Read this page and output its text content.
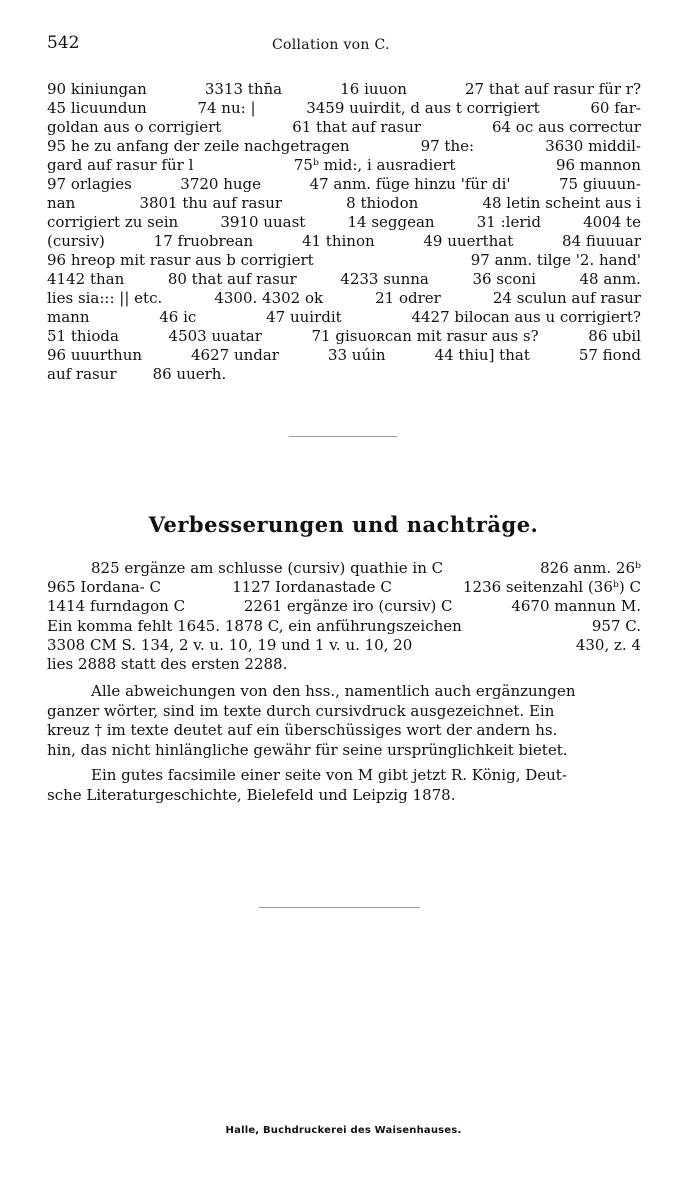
542	Collation von C.
90 kiniungan	3313 thn̄a	16 iuuon	27 that auf rasur für r?
45 licuundun	74 nu: |	3459 uuirdit, d aus t corrigiert	60 far-
goldan aus o corrigiert	61 that auf rasur	64 oc aus correctur
95 he zu anfang der zeile nachgetragen	97 the:	3630 middil-
gard auf rasur für l	75ᵇ mid:, i ausradiert	96 mannon
97 orlagies	3720 huge	47 anm. füge hinzu 'für di'	75 giuuun-
nan	3801 thu auf rasur	8 thiodon	48 letin scheint aus i
corrigiert zu sein	3910 uuast	14 seggean	31 :lerid	4004 te
(cursiv)	17 fruobrean	41 thinon	49 uuerthat	84 fiuuuar
96 hreop mit rasur aus b corrigiert	97 anm. tilge '2. hand'
4142 than	80 that auf rasur	4233 sunna	36 sconi	48 anm.
lies sia::: || etc.	4300. 4302 ok	21 odrer	24 sculun auf rasur
mann	46 ic	47 uuirdit	4427 bilocan aus u corrigiert?
51 thioda	4503 uuatar	71 gisuoʀcan mit rasur aus s?	86 ubil
96 uuurthun	4627 undar	33 uúin	44 thiu] that	57 fiond
auf rasur 86 uuerh.
Verbesserungen und nachträge.
825 ergänze am schlusse (cursiv) quathie in C	826 anm. 26ᵇ
965 Iordana- C	1127 Iordanastade C	1236 seitenzahl (36ᵇ) C
1414 furndagon C	2261 ergänze iro (cursiv) C	4670 mannun M.
Ein komma fehlt 1645. 1878 C, ein anführungszeichen	957 C.
3308 CM S. 134, 2 v. u. 10, 19 und 1 v. u. 10, 20	430, z. 4
lies 2888 statt des ersten 2288.
Alle abweichungen von den hss., namentlich auch ergänzungen
ganzer wörter, sind im texte durch cursivdruck ausgezeichnet. Ein
kreuz † im texte deutet auf ein überschüssiges wort der andern hs.
hin, das nicht hinlängliche gewähr für seine ursprünglichkeit bietet.
Ein gutes facsimile einer seite von M gibt jetzt R. König, Deut-
sche Literaturgeschichte, Bielefeld und Leipzig 1878.
Halle, Buchdruckerei des Waisenhauses.
